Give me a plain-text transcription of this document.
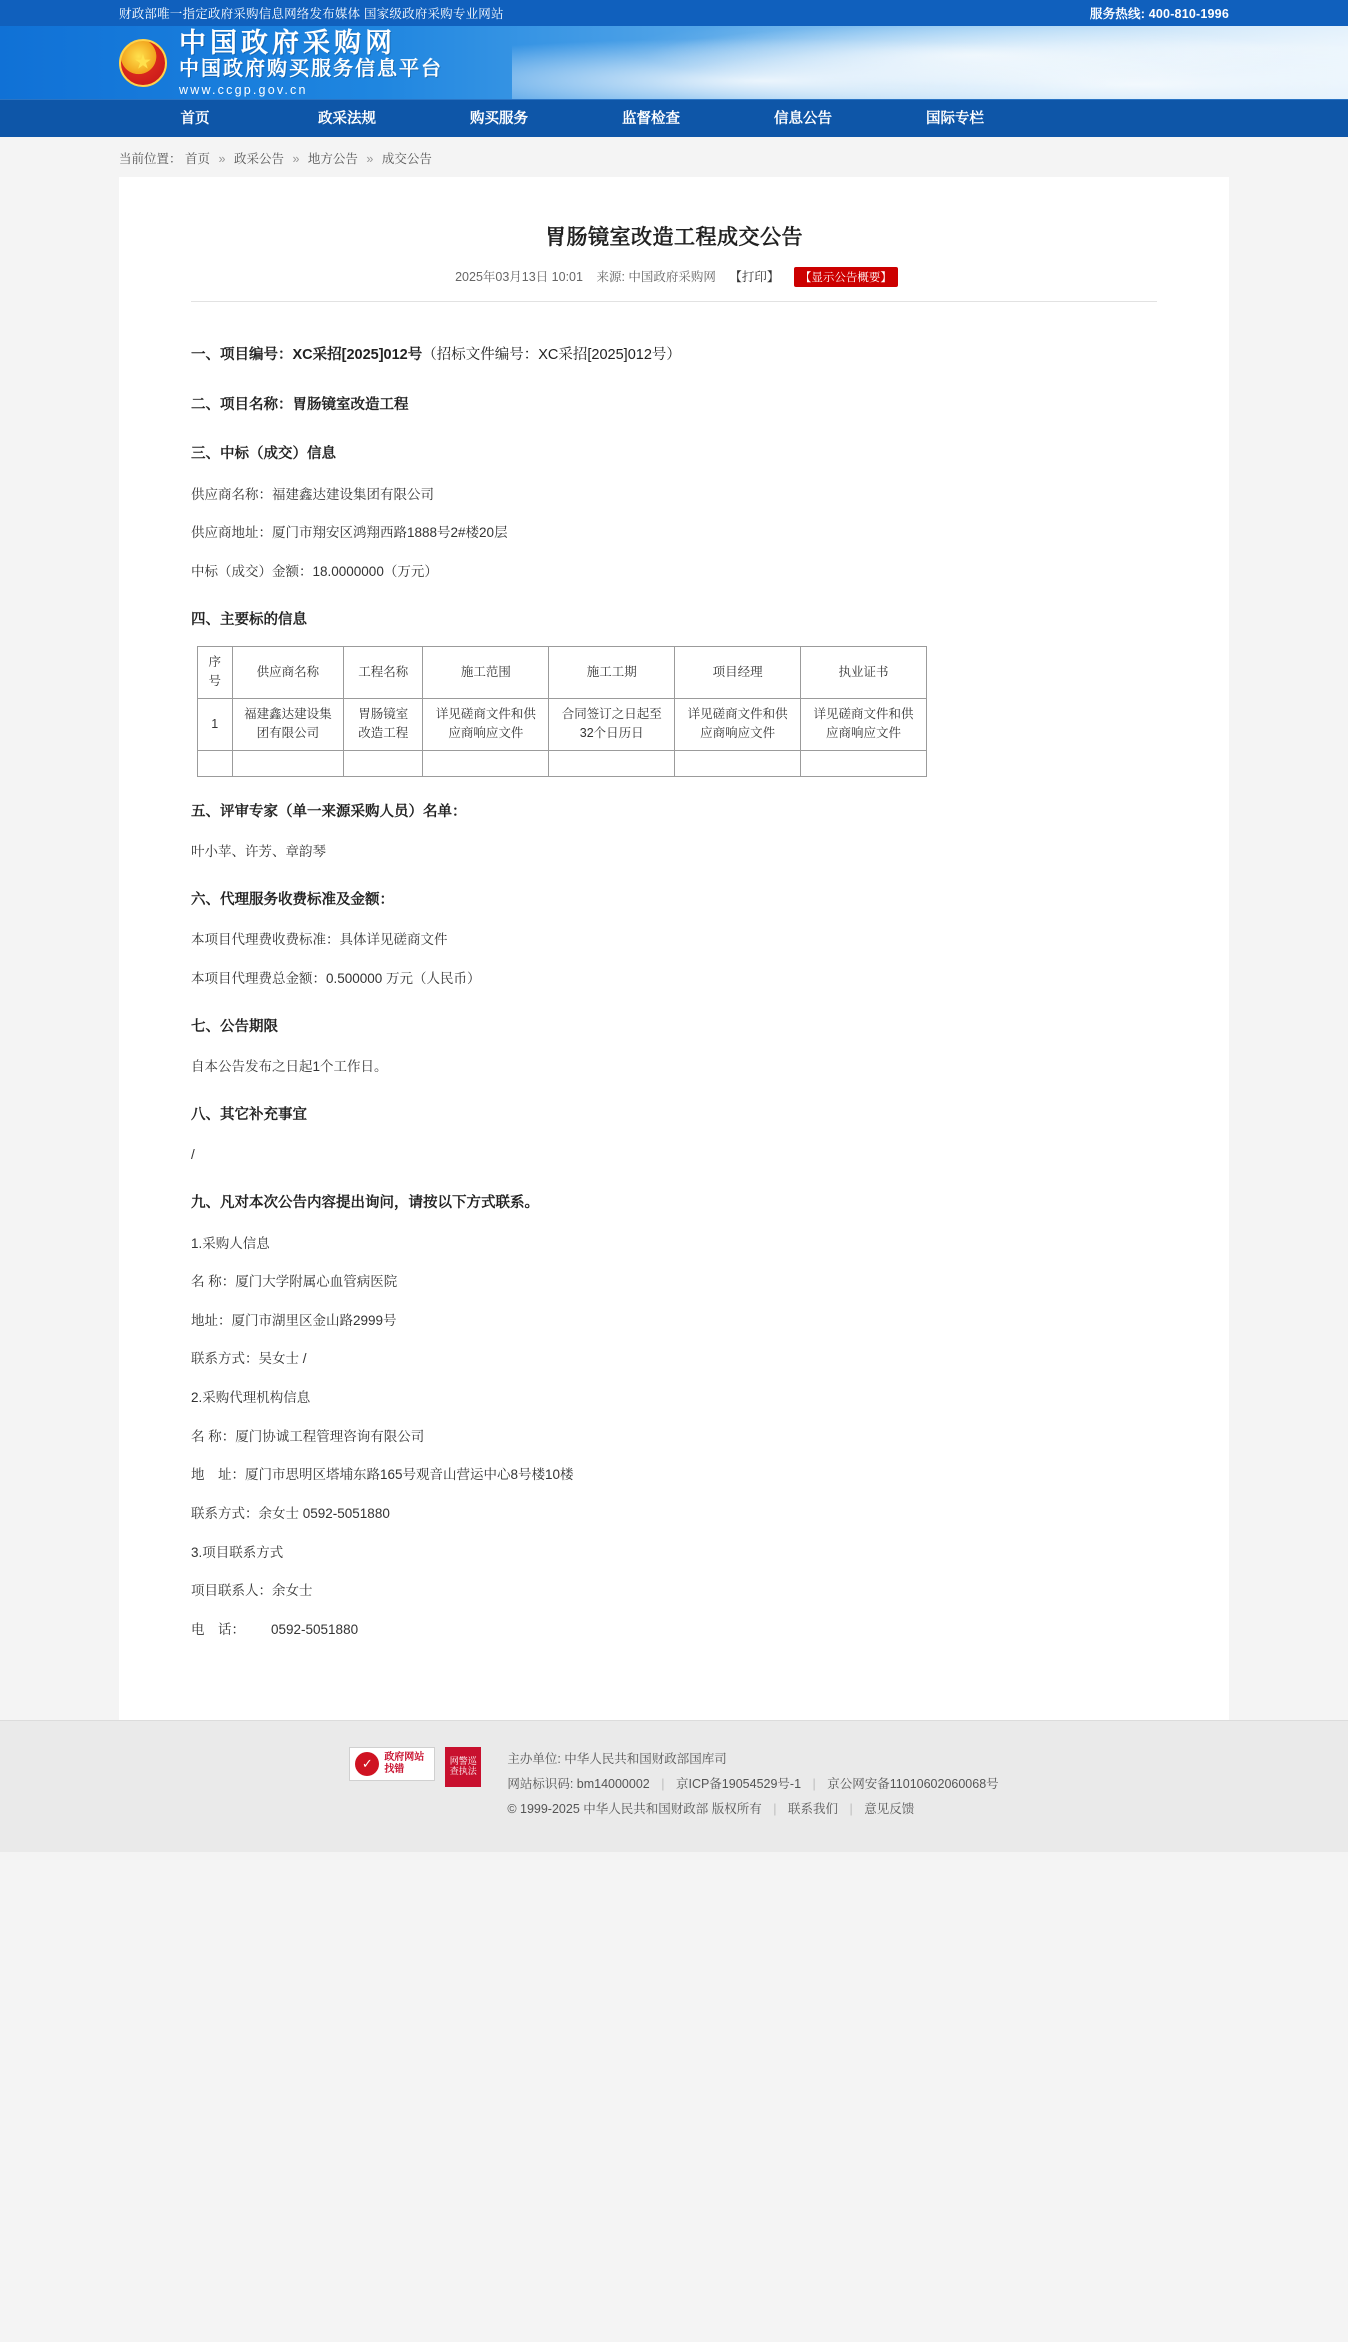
财政部唯一指定政府采购信息网络发布媒体 国家级政府采购专业网站	服务热线: 400-810-1996
★
中国政府采购网
中国政府购买服务信息平台
www.ccgp.gov.cn
首页	政采法规	购买服务	监督检查	信息公告	国际专栏
当前位置： 首页 » 政采公告 » 地方公告 » 成交公告
胃肠镜室改造工程成交公告
2025年03月13日 10:01 来源: 中国政府采购网 【打印】 【显示公告概要】
一、项目编号：XC采招[2025]012号（招标文件编号：XC采招[2025]012号）
二、项目名称：胃肠镜室改造工程
三、中标（成交）信息
供应商名称：福建鑫达建设集团有限公司
供应商地址：厦门市翔安区鸿翔西路1888号2#楼20层
中标（成交）金额：18.0000000（万元）
四、主要标的信息
序号	供应商名称	工程名称	施工范围	施工工期	项目经理	执业证书
1	福建鑫达建设集团有限公司	胃肠镜室改造工程	详见磋商文件和供应商响应文件	合同签订之日起至32个日历日	详见磋商文件和供应商响应文件	详见磋商文件和供应商响应文件

五、评审专家（单一来源采购人员）名单：
叶小苹、许芳、章韵琴
六、代理服务收费标准及金额：
本项目代理费收费标准：具体详见磋商文件
本项目代理费总金额：0.500000 万元（人民币）
七、公告期限
自本公告发布之日起1个工作日。
八、其它补充事宜
/
九、凡对本次公告内容提出询问，请按以下方式联系。
1.采购人信息
名 称：厦门大学附属心血管病医院
地址：厦门市湖里区金山路2999号
联系方式：吴女士 /
2.采购代理机构信息
名 称：厦门协诚工程管理咨询有限公司
地　址：厦门市思明区塔埔东路165号观音山营运中心8号楼10楼
联系方式：余女士 0592-5051880
3.项目联系方式
项目联系人：余女士
电　话： 0592-5051880
✓	政府网站
找错
网警巡查执法
主办单位: 中华人民共和国财政部国库司
网站标识码: bm14000002 | 京ICP备19054529号-1 | 京公网安备11010602060068号
© 1999-2025 中华人民共和国财政部 版权所有 | 联系我们 | 意见反馈
